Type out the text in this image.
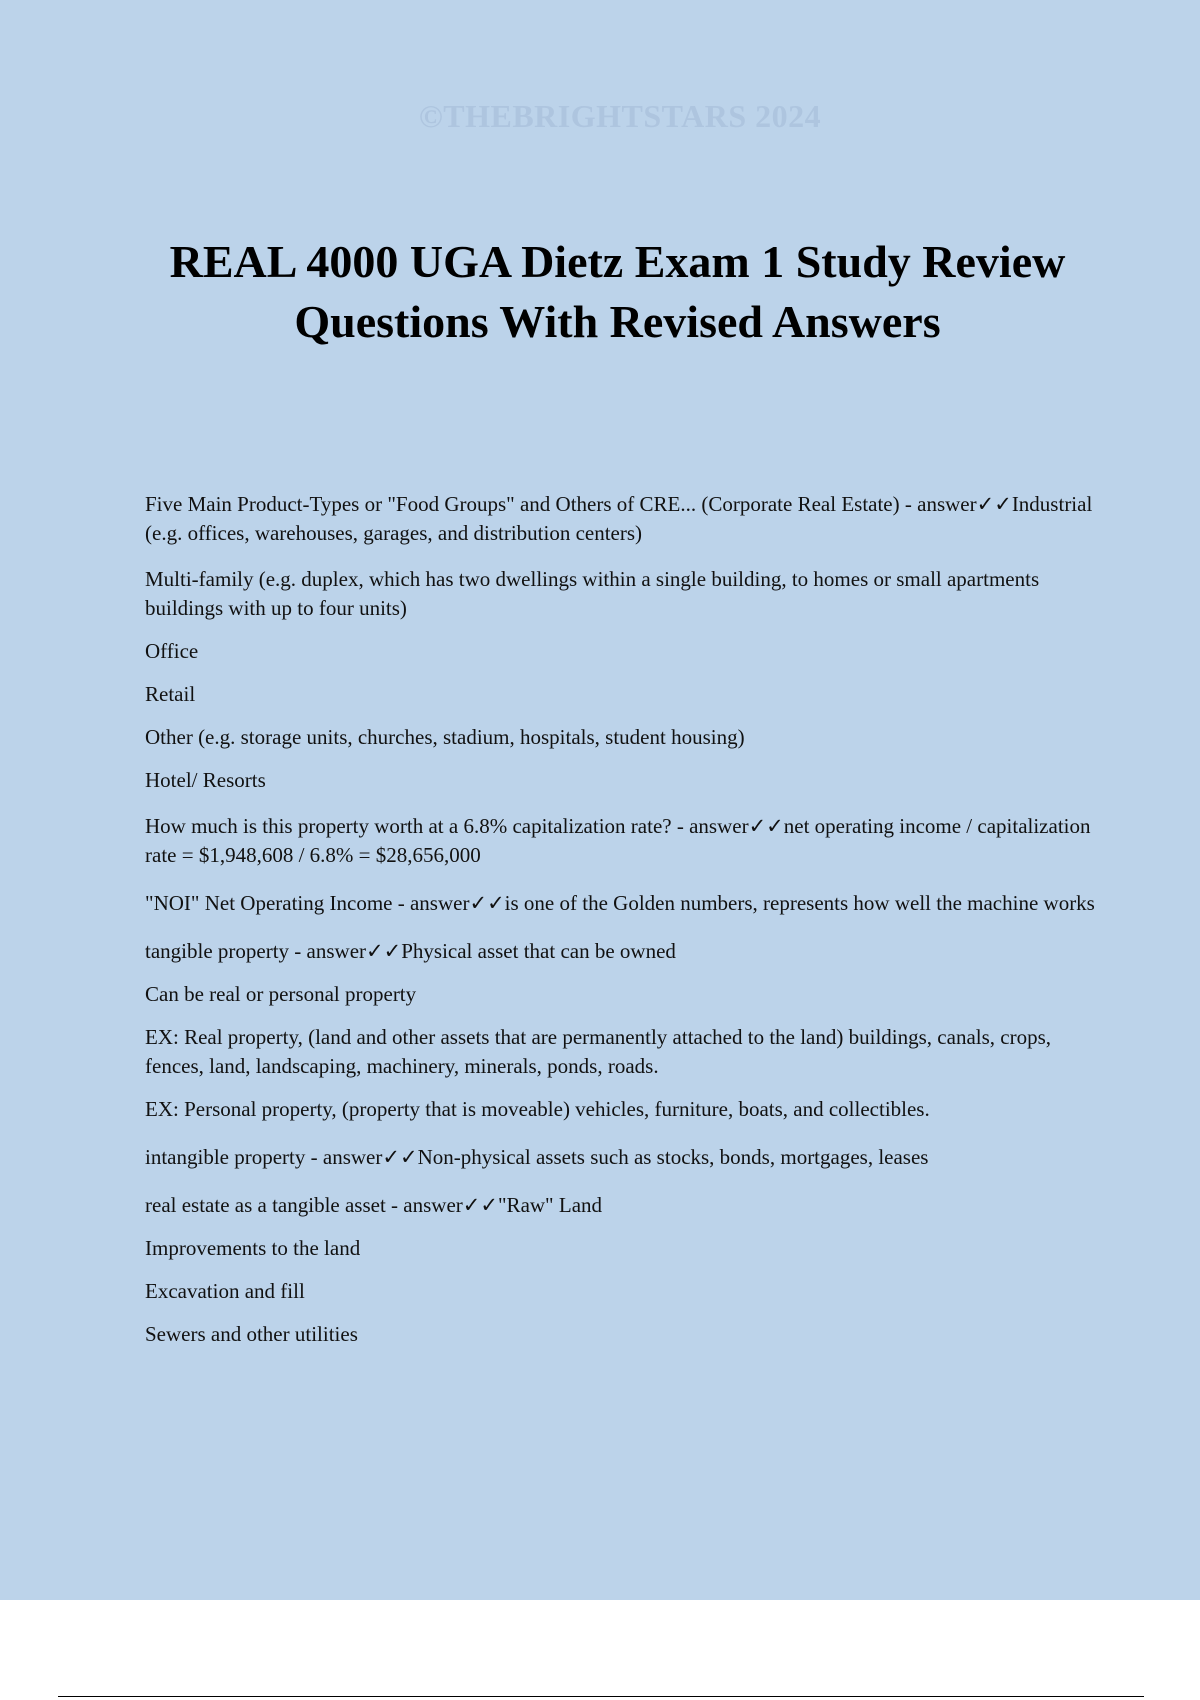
©THEBRIGHTSTARS 2024
REAL 4000 UGA Dietz Exam 1 Study Review Questions With Revised Answers

Five Main Product-Types or "Food Groups" and Others of CRE... (Corporate Real Estate) - answer✓✓Industrial (e.g. offices, warehouses, garages, and distribution centers)

Multi-family (e.g. duplex, which has two dwellings within a single building, to homes or small apartments buildings with up to four units)

Office

Retail

Other (e.g. storage units, churches, stadium, hospitals, student housing)

Hotel/ Resorts

How much is this property worth at a 6.8% capitalization rate? - answer✓✓net operating income / capitalization rate = $1,948,608 / 6.8% = $28,656,000

"NOI" Net Operating Income - answer✓✓is one of the Golden numbers, represents how well the machine works

tangible property - answer✓✓Physical asset that can be owned

Can be real or personal property

EX: Real property, (land and other assets that are permanently attached to the land) buildings, canals, crops, fences, land, landscaping, machinery, minerals, ponds, roads.

EX: Personal property, (property that is moveable) vehicles, furniture, boats, and collectibles.

intangible property - answer✓✓Non-physical assets such as stocks, bonds, mortgages, leases

real estate as a tangible asset - answer✓✓"Raw" Land

Improvements to the land

Excavation and fill

Sewers and other utilities
